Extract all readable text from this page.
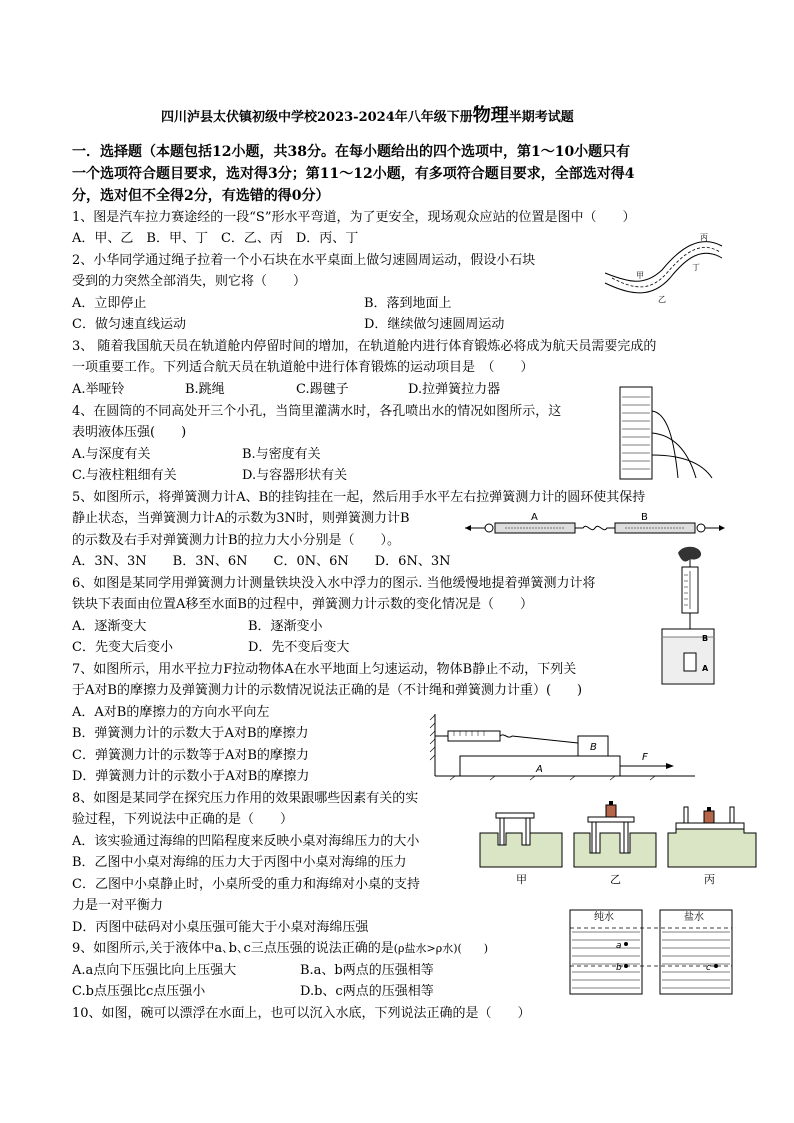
四川泸县太伏镇初级中学校2023-2024年八年级下册物理半期考试题
一．选择题（本题包括12小题，共38分。在每小题给出的四个选项中，第1～10小题只有
一个选项符合题目要求，选对得3分；第11～12小题，有多项符合题目要求，全部选对得4
分，选对但不全得2分，有选错的得0分）
1、图是汽车拉力赛途经的一段“S”形水平弯道，为了更安全，现场观众应站的位置是图中（　　）
A．甲、乙　B．甲、丁　C．乙、丙　D．丙、丁	丙
甲
丁
乙
2、小华同学通过绳子拉着一个小石块在水平桌面上做匀速圆周运动，假设小石块
受到的力突然全部消失，则它将（　　）
A．立即停止	B．落到地面上
C．做匀速直线运动	D．继续做匀速圆周运动
3、 随着我国航天员在轨道舱内停留时间的增加，在轨道舱内进行体育锻炼必将成为航天员需要完成的
一项重要工作。下列适合航天员在轨道舱中进行体育锻炼的运动项目是　（　　）
A.举哑铃	B.跳绳	C.踢毽子	D.拉弹簧拉力器
4、在圆筒的不同高处开三个小孔，当筒里灌满水时，各孔喷出水的情况如图所示，这
表明液体压强(　　)
A.与深度有关	B.与密度有关
C.与液柱粗细有关	D.与容器形状有关
5、如图所示，将弹簧测力计A、B的挂钩挂在一起，然后用手水平左右拉弹簧测力计的圆环使其保持
静止状态，当弹簧测力计A的示数为3N时，则弹簧测力计B
的示数及右手对弹簧测力计B的拉力大小分别是（　　）。
A．3N、3N　　B．3N、6N　　C．0N、6N　　D．6N、3N
A	B
6、如图是某同学用弹簧测力计测量铁块没入水中浮力的图示. 当他缓慢地提着弹簧测力计将
铁块下表面由位置A移至水面B的过程中，弹簧测力计示数的变化情况是（　　）
A．逐渐变大	B．逐渐变小
C．先变大后变小	D．先不变后变大
B
A
7、如图所示，用水平拉力F拉动物体A在水平地面上匀速运动，物体B静止不动，下列关
于A对B的摩擦力及弹簧测力计的示数情况说法正确的是（不计绳和弹簧测力计重）(　　)
A．A对B的摩擦力的方向水平向左
B．弹簧测力计的示数大于A对B的摩擦力
C．弹簧测力计的示数等于A对B的摩擦力
D．弹簧测力计的示数小于A对B的摩擦力
B
A
F
8、如图是某同学在探究压力作用的效果跟哪些因素有关的实
验过程，下列说法中正确的是（　　）
A．该实验通过海绵的凹陷程度来反映小桌对海绵压力的大小
B．乙图中小桌对海绵的压力大于丙图中小桌对海绵的压力
C．乙图中小桌静止时，小桌所受的重力和海绵对小桌的支持
力是一对平衡力
D．丙图中砝码对小桌压强可能大于小桌对海绵压强
甲	乙	丙
9、如图所示,关于液体中a､b､c三点压强的说法正确的是(ρ盐水>ρ水)(　　)
A.a点向下压强比向上压强大	B.a、b两点的压强相等
C.b点压强比c点压强小	D.b、c两点的压强相等
纯水	盐水
a
b	c
10、如图，碗可以漂浮在水面上，也可以沉入水底，下列说法正确的是（　　）
